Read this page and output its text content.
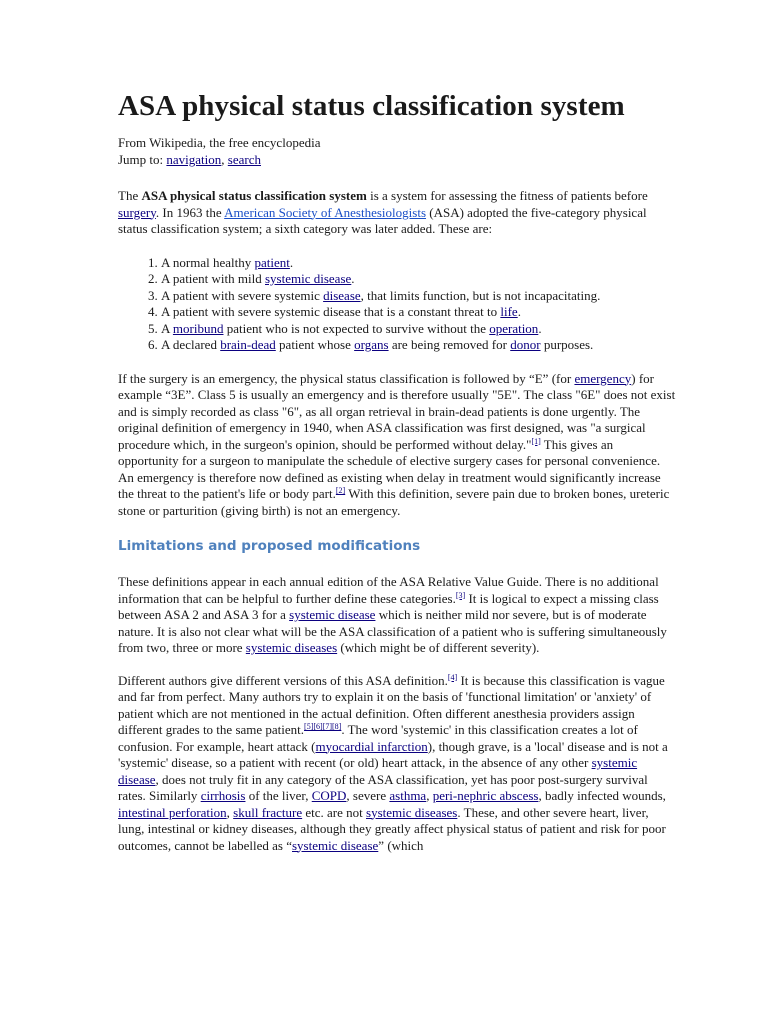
ASA physical status classification system
From Wikipedia, the free encyclopedia
Jump to: navigation, search

The ASA physical status classification system is a system for assessing the fitness of patients before surgery. In 1963 the American Society of Anesthesiologists (ASA) adopted the five-category physical status classification system; a sixth category was later added. These are:

1. A normal healthy patient.
2. A patient with mild systemic disease.
3. A patient with severe systemic disease, that limits function, but is not incapacitating.
4. A patient with severe systemic disease that is a constant threat to life.
5. A moribund patient who is not expected to survive without the operation.
6. A declared brain-dead patient whose organs are being removed for donor purposes.

If the surgery is an emergency, the physical status classification is followed by “E” (for emergency) for example “3E”. Class 5 is usually an emergency and is therefore usually "5E". The class "6E" does not exist and is simply recorded as class "6", as all organ retrieval in brain-dead patients is done urgently. The original definition of emergency in 1940, when ASA classification was first designed, was "a surgical procedure which, in the surgeon's opinion, should be performed without delay."[1] This gives an opportunity for a surgeon to manipulate the schedule of elective surgery cases for personal convenience. An emergency is therefore now defined as existing when delay in treatment would significantly increase the threat to the patient's life or body part.[2] With this definition, severe pain due to broken bones, ureteric stone or parturition (giving birth) is not an emergency.

Limitations and proposed modifications

These definitions appear in each annual edition of the ASA Relative Value Guide. There is no additional information that can be helpful to further define these categories.[3] It is logical to expect a missing class between ASA 2 and ASA 3 for a systemic disease which is neither mild nor severe, but is of moderate nature. It is also not clear what will be the ASA classification of a patient who is suffering simultaneously from two, three or more systemic diseases (which might be of different severity).

Different authors give different versions of this ASA definition.[4] It is because this classification is vague and far from perfect. Many authors try to explain it on the basis of 'functional limitation' or 'anxiety' of patient which are not mentioned in the actual definition. Often different anesthesia providers assign different grades to the same patient.[5][6][7][8]. The word 'systemic' in this classification creates a lot of confusion. For example, heart attack (myocardial infarction), though grave, is a 'local' disease and is not a 'systemic' disease, so a patient with recent (or old) heart attack, in the absence of any other systemic disease, does not truly fit in any category of the ASA classification, yet has poor post-surgery survival rates. Similarly cirrhosis of the liver, COPD, severe asthma, peri-nephric abscess, badly infected wounds, intestinal perforation, skull fracture etc. are not systemic diseases. These, and other severe heart, liver, lung, intestinal or kidney diseases, although they greatly affect physical status of patient and risk for poor outcomes, cannot be labelled as “systemic disease” (which
